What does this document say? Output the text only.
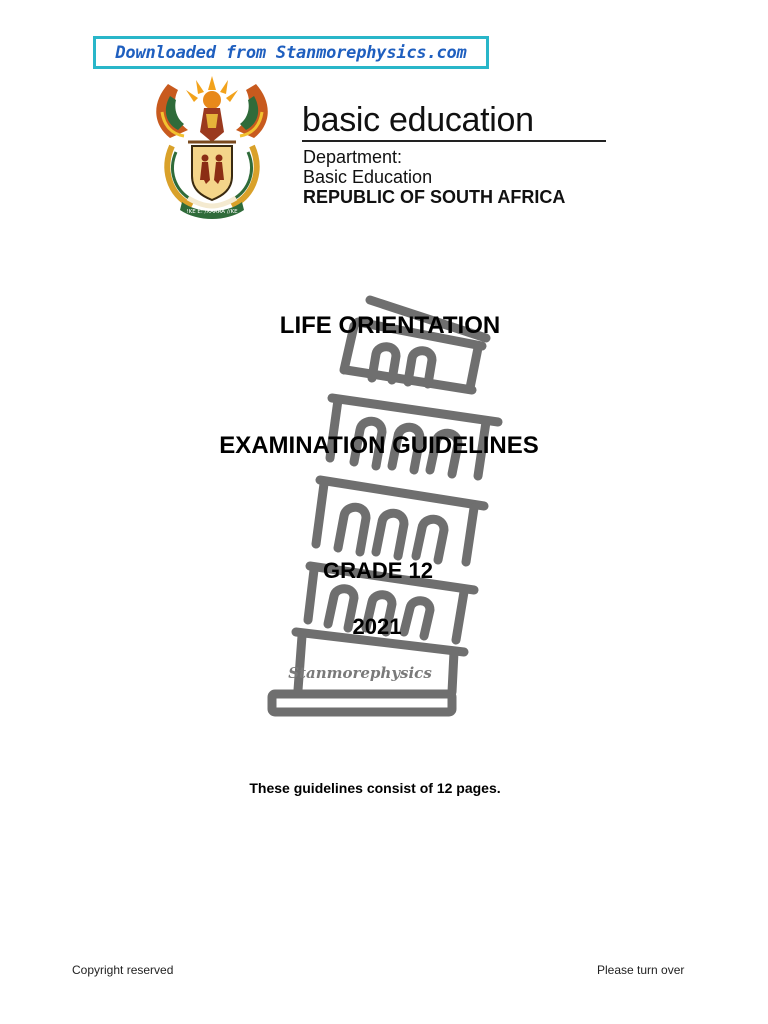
Downloaded from Stanmorephysics.com
!KE E: /XARRA //KE
basic education
Department:
Basic Education
REPUBLIC OF SOUTH AFRICA
Stanmorephysics
LIFE ORIENTATION
EXAMINATION GUIDELINES
GRADE 12
2021
These guidelines consist of 12 pages.
Copyright reserved	Please turn over
